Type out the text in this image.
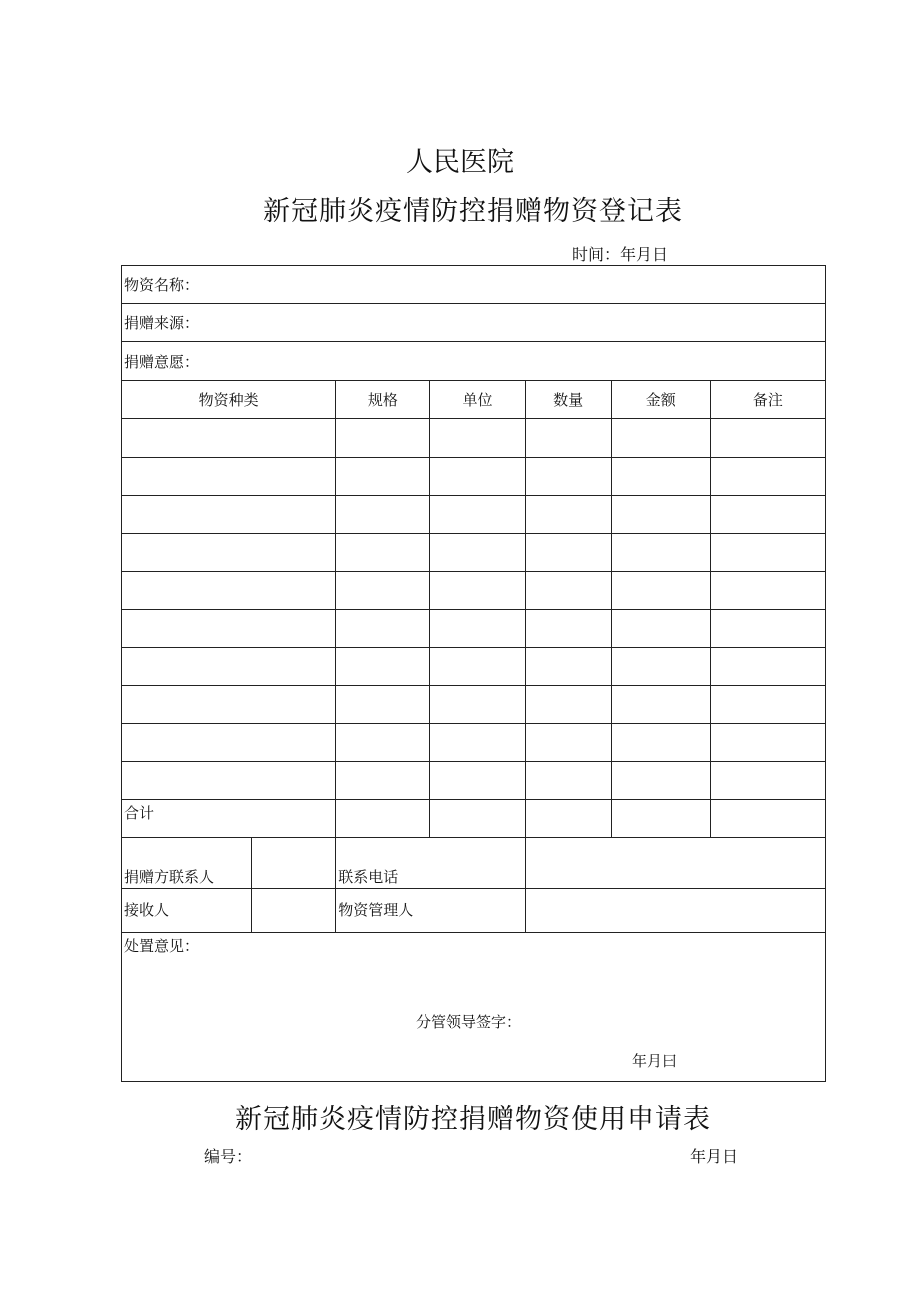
人民医院
新冠肺炎疫情防控捐赠物资登记表
时间：年月日
物资名称：						
捐赠来源：						
捐赠意愿：						
物资种类		规格	单位	数量	金额	备注

合计						
捐赠方联系人		联系电话				
接收人		物资管理人				

处置意见：
分管领导签字：
年月曰						
新冠肺炎疫情防控捐赠物资使用申请表
编号：	年月日
